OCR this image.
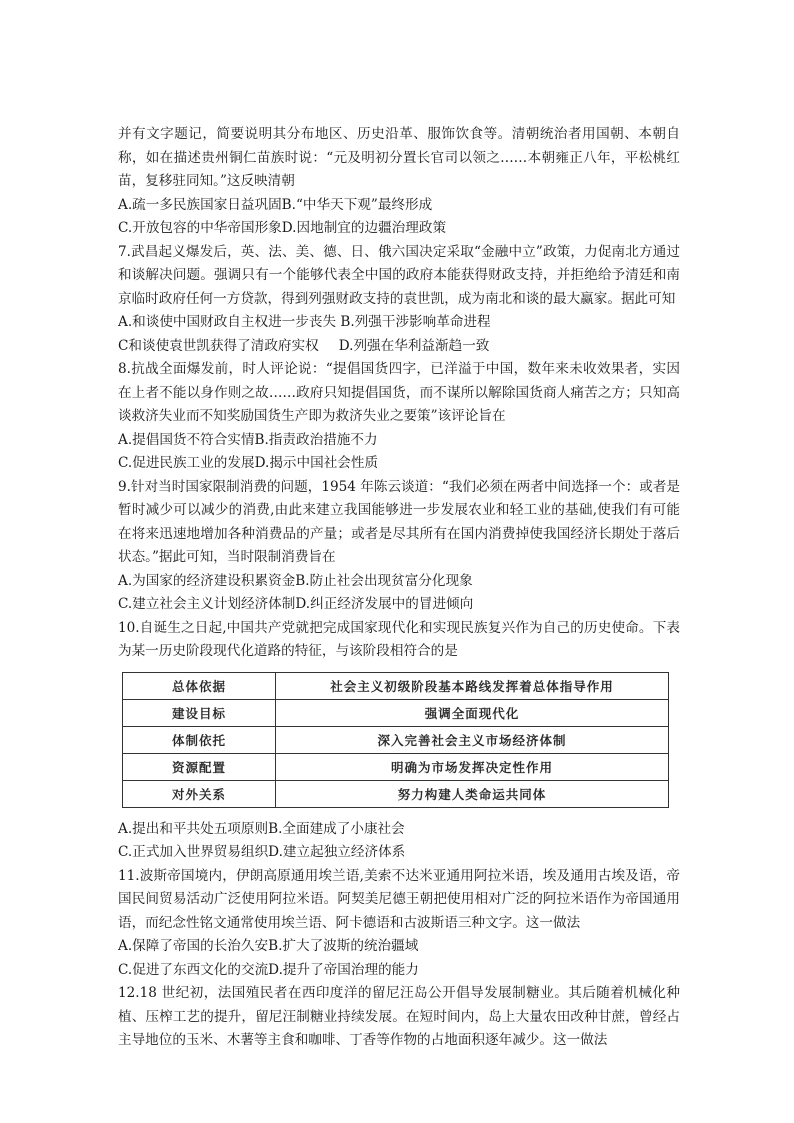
并有文字题记，简要说明其分布地区、历史沿革、服饰饮食等。清朝统治者用国朝、本朝自称，如在描述贵州铜仁苗族时说：“元及明初分置长官司以领之……本朝雍正八年，平松桃红苗，复移驻同知。”这反映清朝

A.疏一多民族国家日益巩固B.“中华天下观”最终形成

C.开放包容的中华帝国形象D.因地制宜的边疆治理政策

7.武昌起义爆发后，英、法、美、德、日、俄六国决定采取“金融中立”政策，力促南北方通过和谈解决问题。强调只有一个能够代表全中国的政府本能获得财政支持，并拒绝给予清廷和南京临时政府任何一方贷款，得到列强财政支持的袁世凯，成为南北和谈的最大赢家。据此可知

A.和谈使中国财政自主权进一步丧失 B.列强干涉影响革命进程

C和谈使袁世凯获得了清政府实权 D.列强在华利益渐趋一致

8.抗战全面爆发前，时人评论说：“提倡国货四字，已洋溢于中国，数年来未收效果者，实因在上者不能以身作则之故……政府只知提倡国货，而不谋所以解除国货商人痛苦之方；只知高谈救济失业而不知奖励国货生产即为救济失业之要策”该评论旨在

A.提倡国货不符合实情B.指责政治措施不力

C.促进民族工业的发展D.揭示中国社会性质

9.针对当时国家限制消费的问题，1954 年陈云谈道：“我们必须在两者中间选择一个：或者是暂时减少可以减少的消费,由此来建立我国能够进一步发展农业和轻工业的基础,使我们有可能在将来迅速地增加各种消费品的产量；或者是尽其所有在国内消费掉使我国经济长期处于落后状态。”据此可知，当时限制消费旨在

A.为国家的经济建设积累资金B.防止社会出现贫富分化现象

C.建立社会主义计划经济体制D.纠正经济发展中的冒进倾向

10.自诞生之日起,中国共产党就把完成国家现代化和实现民族复兴作为自己的历史使命。下表为某一历史阶段现代化道路的特征，与该阶段相符合的是

总体依据	社会主义初级阶段基本路线发挥着总体指导作用
建设目标	强调全面现代化
体制依托	深入完善社会主义市场经济体制
资源配置	明确为市场发挥决定性作用
对外关系	努力构建人类命运共同体

A.提出和平共处五项原则B.全面建成了小康社会

C.正式加入世界贸易组织D.建立起独立经济体系

11.波斯帝国境内，伊朗高原通用埃兰语,美索不达米亚通用阿拉米语，埃及通用古埃及语，帝国民间贸易活动广泛使用阿拉米语。阿契美尼德王朝把使用相对广泛的阿拉米语作为帝国通用语，而纪念性铭文通常使用埃兰语、阿卡德语和古波斯语三种文字。这一做法

A.保障了帝国的长治久安B.扩大了波斯的统治疆域

C.促进了东西文化的交流D.提升了帝国治理的能力

12.18 世纪初，法国殖民者在西印度洋的留尼汪岛公开倡导发展制糖业。其后随着机械化种植、压榨工艺的提升，留尼汪制糖业持续发展。在短时间内，岛上大量农田改种甘蔗，曾经占主导地位的玉米、木薯等主食和咖啡、丁香等作物的占地面积逐年减少。这一做法
